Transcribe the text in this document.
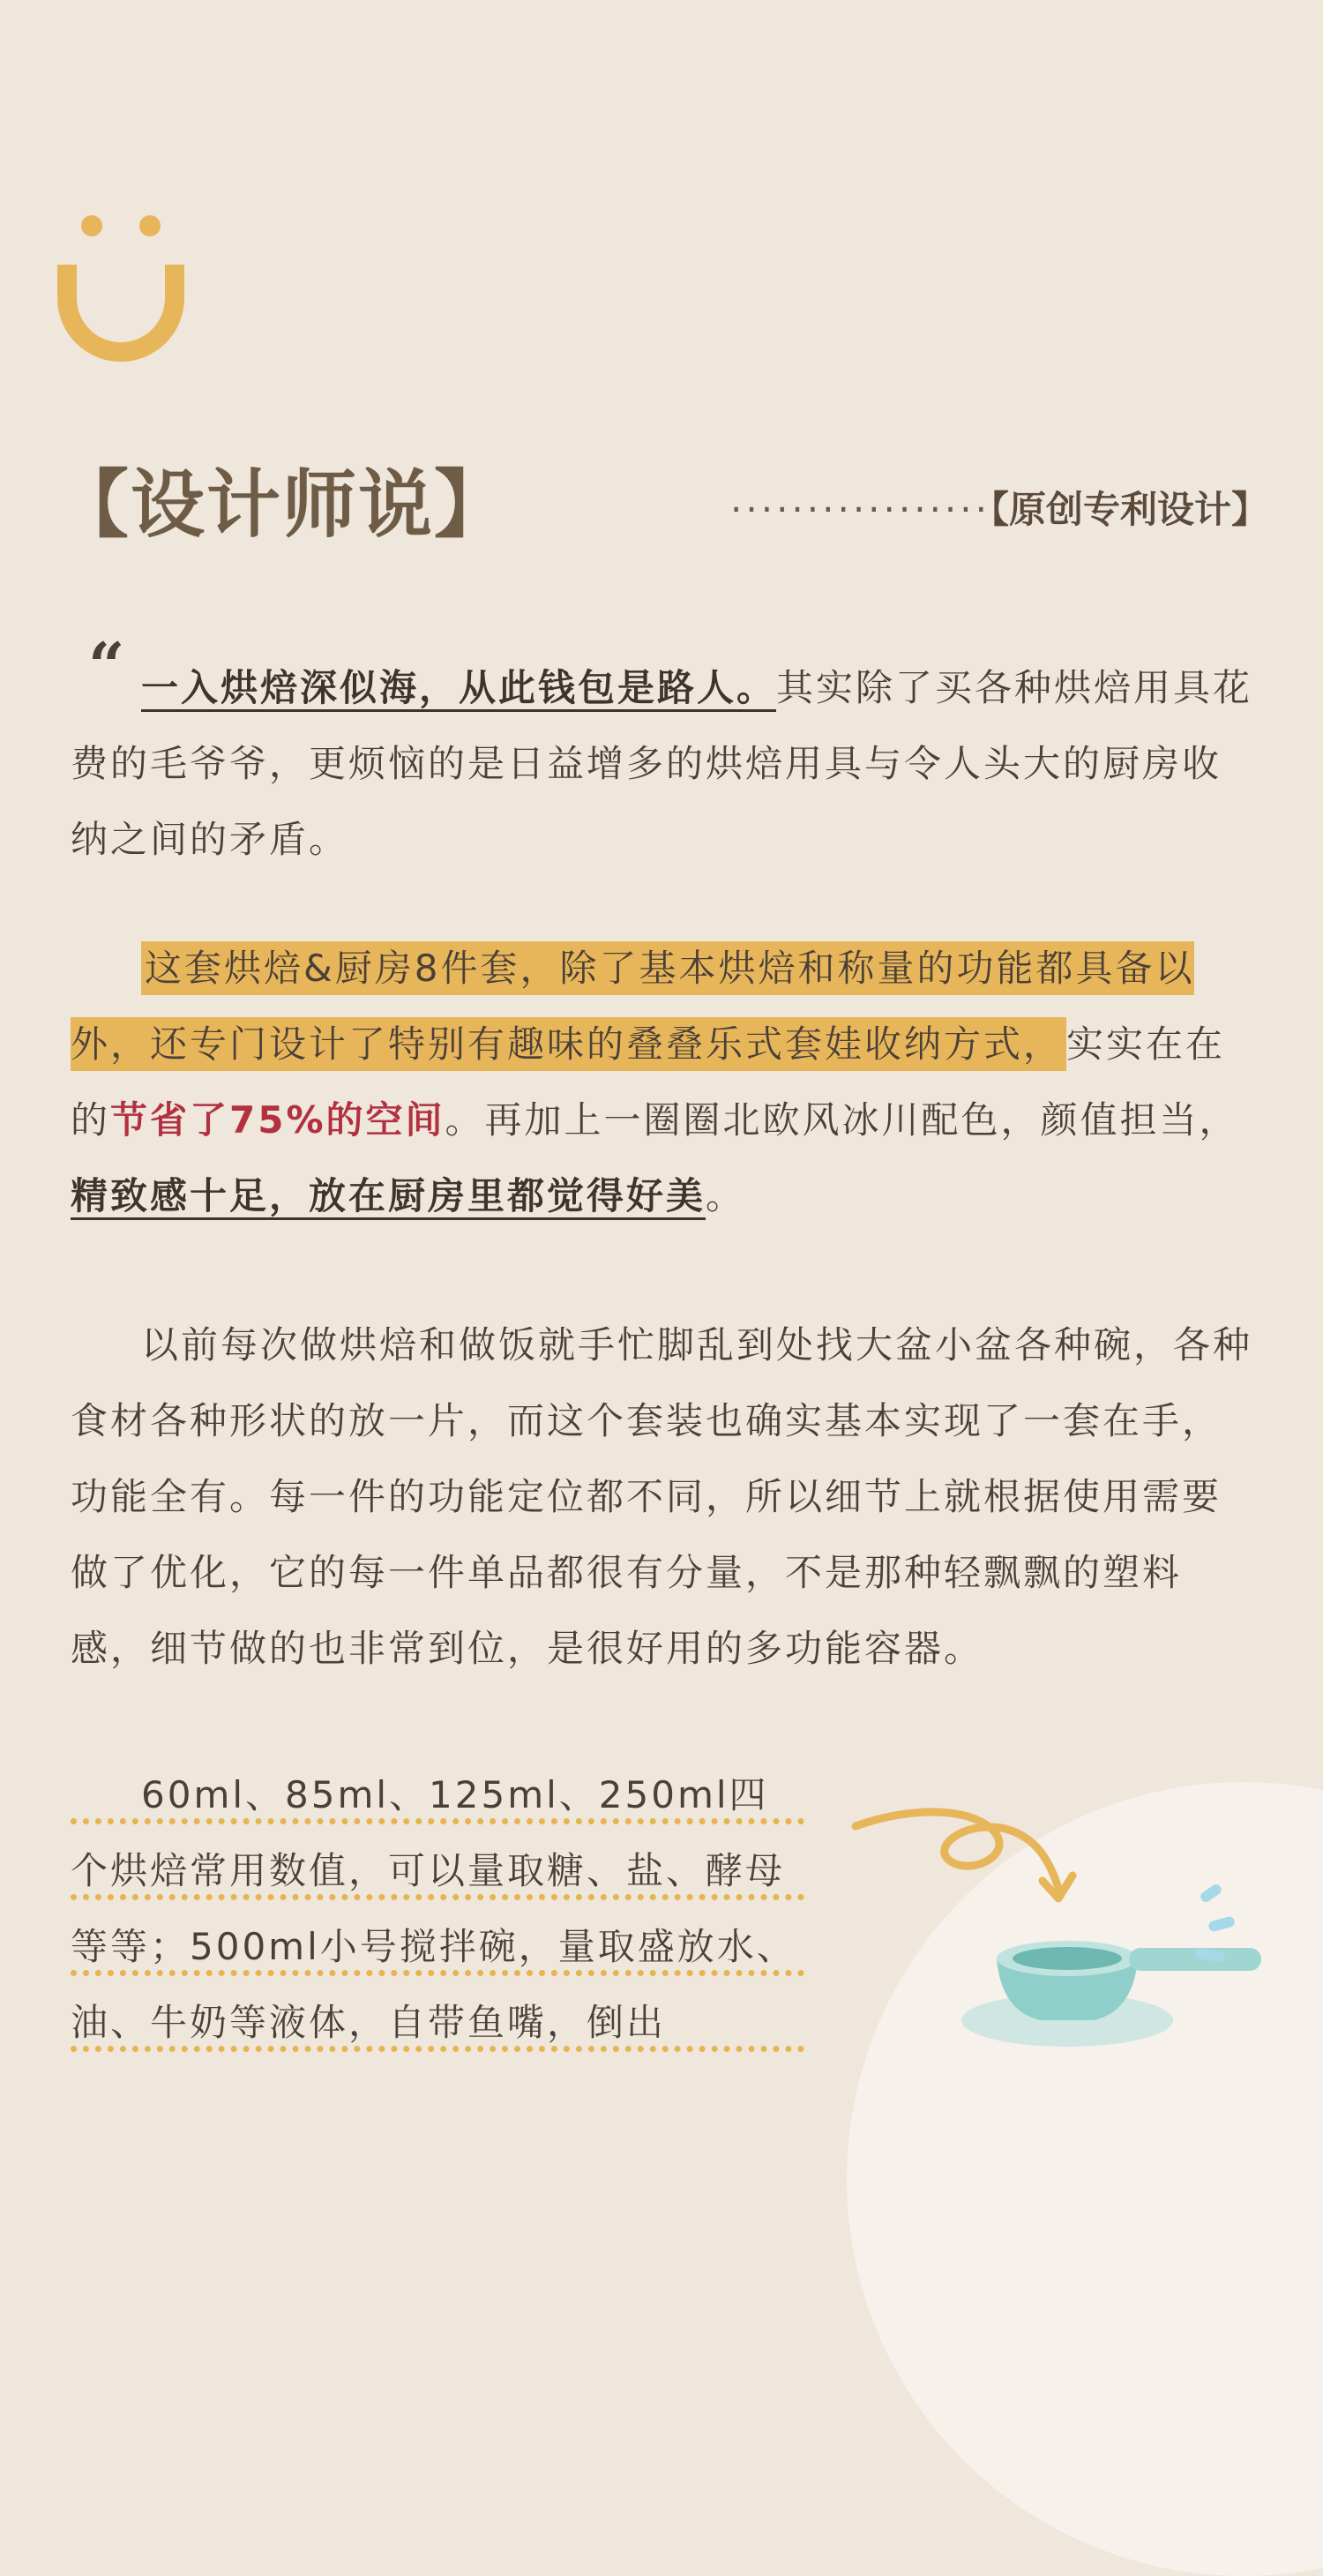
【设计师说】	·················【原创专利设计】
“ 一入烘焙深似海，从此钱包是路人。其实除了买各种烘焙用具花费的毛爷爷，更烦恼的是日益增多的烘焙用具与令人头大的厨房收纳之间的矛盾。
这套烘焙&厨房8件套，除了基本烘焙和称量的功能都具备以外，还专门设计了特别有趣味的叠叠乐式套娃收纳方式，实实在在的节省了75%的空间。再加上一圈圈北欧风冰川配色，颜值担当，精致感十足，放在厨房里都觉得好美。
以前每次做烘焙和做饭就手忙脚乱到处找大盆小盆各种碗，各种食材各种形状的放一片，而这个套装也确实基本实现了一套在手，功能全有。每一件的功能定位都不同，所以细节上就根据使用需要做了优化，它的每一件单品都很有分量，不是那种轻飘飘的塑料感，细节做的也非常到位，是很好用的多功能容器。
60ml、85ml、125ml、250ml四个烘焙常用数值，可以量取糖、盐、酵母等等；500ml小号搅拌碗，量取盛放水、油、牛奶等液体，自带鱼嘴，倒出
